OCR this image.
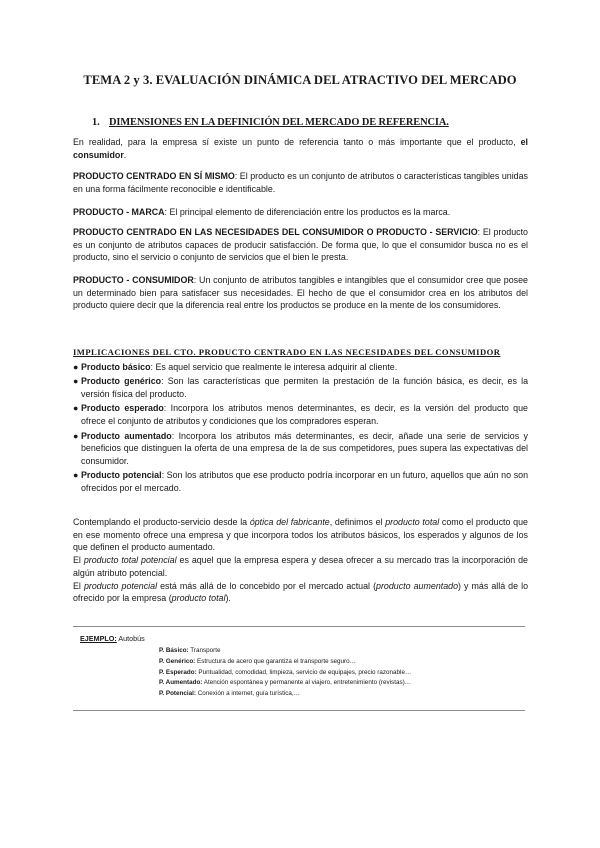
TEMA 2 y 3. EVALUACIÓN DINÁMICA DEL ATRACTIVO DEL MERCADO
1. DIMENSIONES EN LA DEFINICIÓN DEL MERCADO DE REFERENCIA.

En realidad, para la empresa sí existe un punto de referencia tanto o más importante que el producto, el consumidor.

PRODUCTO CENTRADO EN SÍ MISMO: El producto es un conjunto de atributos o características tangibles unidas en una forma fácilmente reconocible e identificable.

PRODUCTO - MARCA: El principal elemento de diferenciación entre los productos es la marca.

PRODUCTO CENTRADO EN LAS NECESIDADES DEL CONSUMIDOR O PRODUCTO - SERVICIO: El producto es un conjunto de atributos capaces de producir satisfacción. De forma que, lo que el consumidor busca no es el producto, sino el servicio o conjunto de servicios que el bien le presta.

PRODUCTO - CONSUMIDOR: Un conjunto de atributos tangibles e intangibles que el consumidor cree que posee un determinado bien para satisfacer sus necesidades. El hecho de que el consumidor crea en los atributos del producto quiere decir que la diferencia real entre los productos se produce en la mente de los consumidores.

IMPLICACIONES DEL CTO. PRODUCTO CENTRADO EN LAS NECESIDADES DEL CONSUMIDOR
● Producto básico: Es aquel servicio que realmente le interesa adquirir al cliente.
● Producto genérico: Son las características que permiten la prestación de la función básica, es decir, es la versión física del producto.
● Producto esperado: Incorpora los atributos menos determinantes, es decir, es la versión del producto que ofrece el conjunto de atributos y condiciones que los compradores esperan.
● Producto aumentado: Incorpora los atributos más determinantes, es decir, añade una serie de servicios y beneficios que distinguen la oferta de una empresa de la de sus competidores, pues supera las expectativas del consumidor.
● Producto potencial: Son los atributos que ese producto podría incorporar en un futuro, aquellos que aún no son ofrecidos por el mercado.

Contemplando el producto-servicio desde la óptica del fabricante, definimos el producto total como el producto que en ese momento ofrece una empresa y que incorpora todos los atributos básicos, los esperados y algunos de los que definen el producto aumentado.

El producto total potencial es aquel que la empresa espera y desea ofrecer a su mercado tras la incorporación de algún atributo potencial.

El producto potencial está más allá de lo concebido por el mercado actual (producto aumentado) y más allá de lo ofrecido por la empresa (producto total).

EJEMPLO: Autobús
P. Básico: Transporte
P. Genérico: Estructura de acero que garantiza el transporte seguro…
P. Esperado: Puntualidad, comodidad, limpieza, servicio de equipajes, precio razonable…
P. Aumentado: Atención espontánea y permanente al viajero, entretenimiento (revistas)…
P. Potencial: Conexión a internet, guía turística,…
